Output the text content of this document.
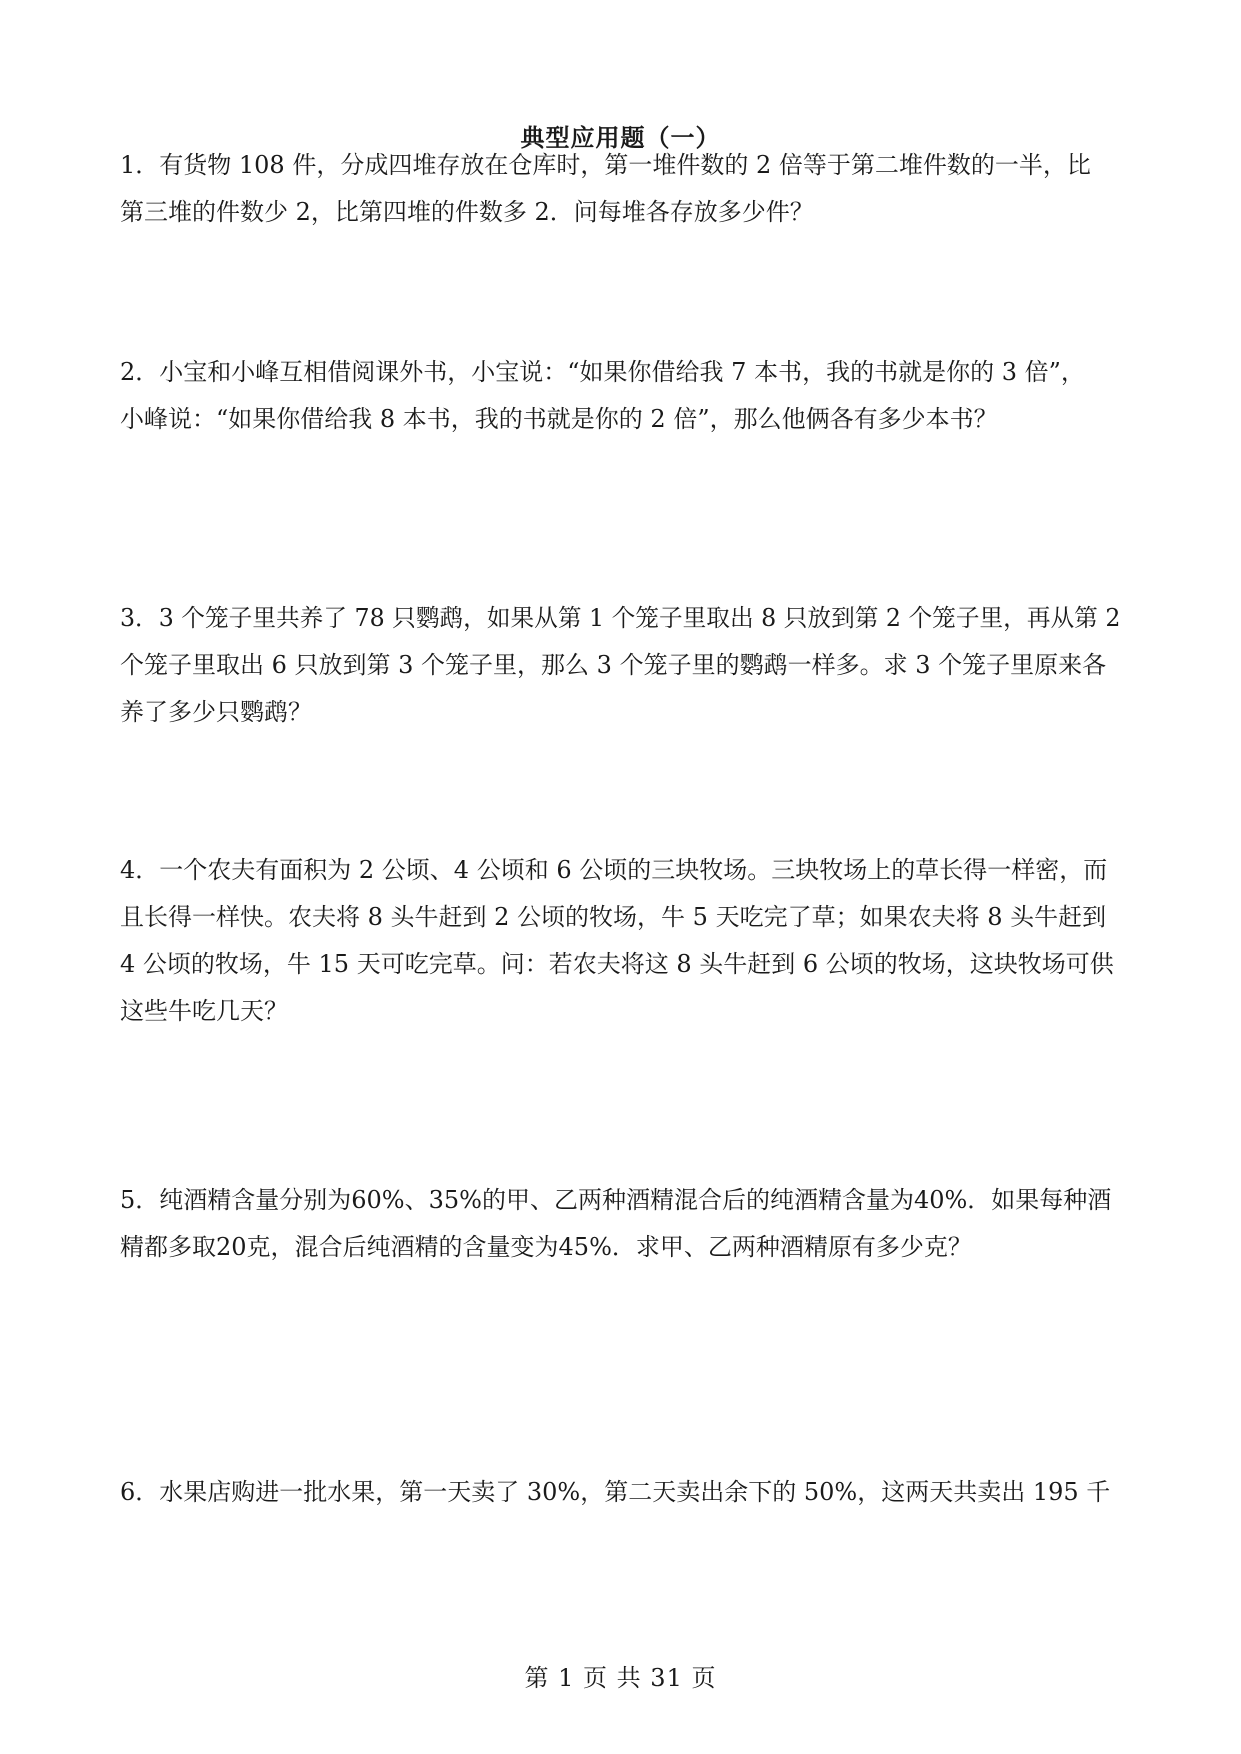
典型应用题（一）
1．有货物 108 件，分成四堆存放在仓库时，第一堆件数的 2 倍等于第二堆件数的一半，比
第三堆的件数少 2，比第四堆的件数多 2．问每堆各存放多少件？
2．小宝和小峰互相借阅课外书，小宝说：“如果你借给我 7 本书，我的书就是你的 3 倍”，
小峰说：“如果你借给我 8 本书，我的书就是你的 2 倍”，那么他俩各有多少本书？
3．3 个笼子里共养了 78 只鹦鹉，如果从第 1 个笼子里取出 8 只放到第 2 个笼子里，再从第 2
个笼子里取出 6 只放到第 3 个笼子里，那么 3 个笼子里的鹦鹉一样多。求 3 个笼子里原来各
养了多少只鹦鹉？
4．一个农夫有面积为 2 公顷、4 公顷和 6 公顷的三块牧场。三块牧场上的草长得一样密，而
且长得一样快。农夫将 8 头牛赶到 2 公顷的牧场，牛 5 天吃完了草；如果农夫将 8 头牛赶到
4 公顷的牧场，牛 15 天可吃完草。问：若农夫将这 8 头牛赶到 6 公顷的牧场，这块牧场可供
这些牛吃几天？
5．纯酒精含量分别为60%、35%的甲、乙两种酒精混合后的纯酒精含量为40%．如果每种酒
精都多取20克，混合后纯酒精的含量变为45%．求甲、乙两种酒精原有多少克？
6．水果店购进一批水果，第一天卖了 30%，第二天卖出余下的 50%，这两天共卖出 195 千
第 1 页 共 31 页
